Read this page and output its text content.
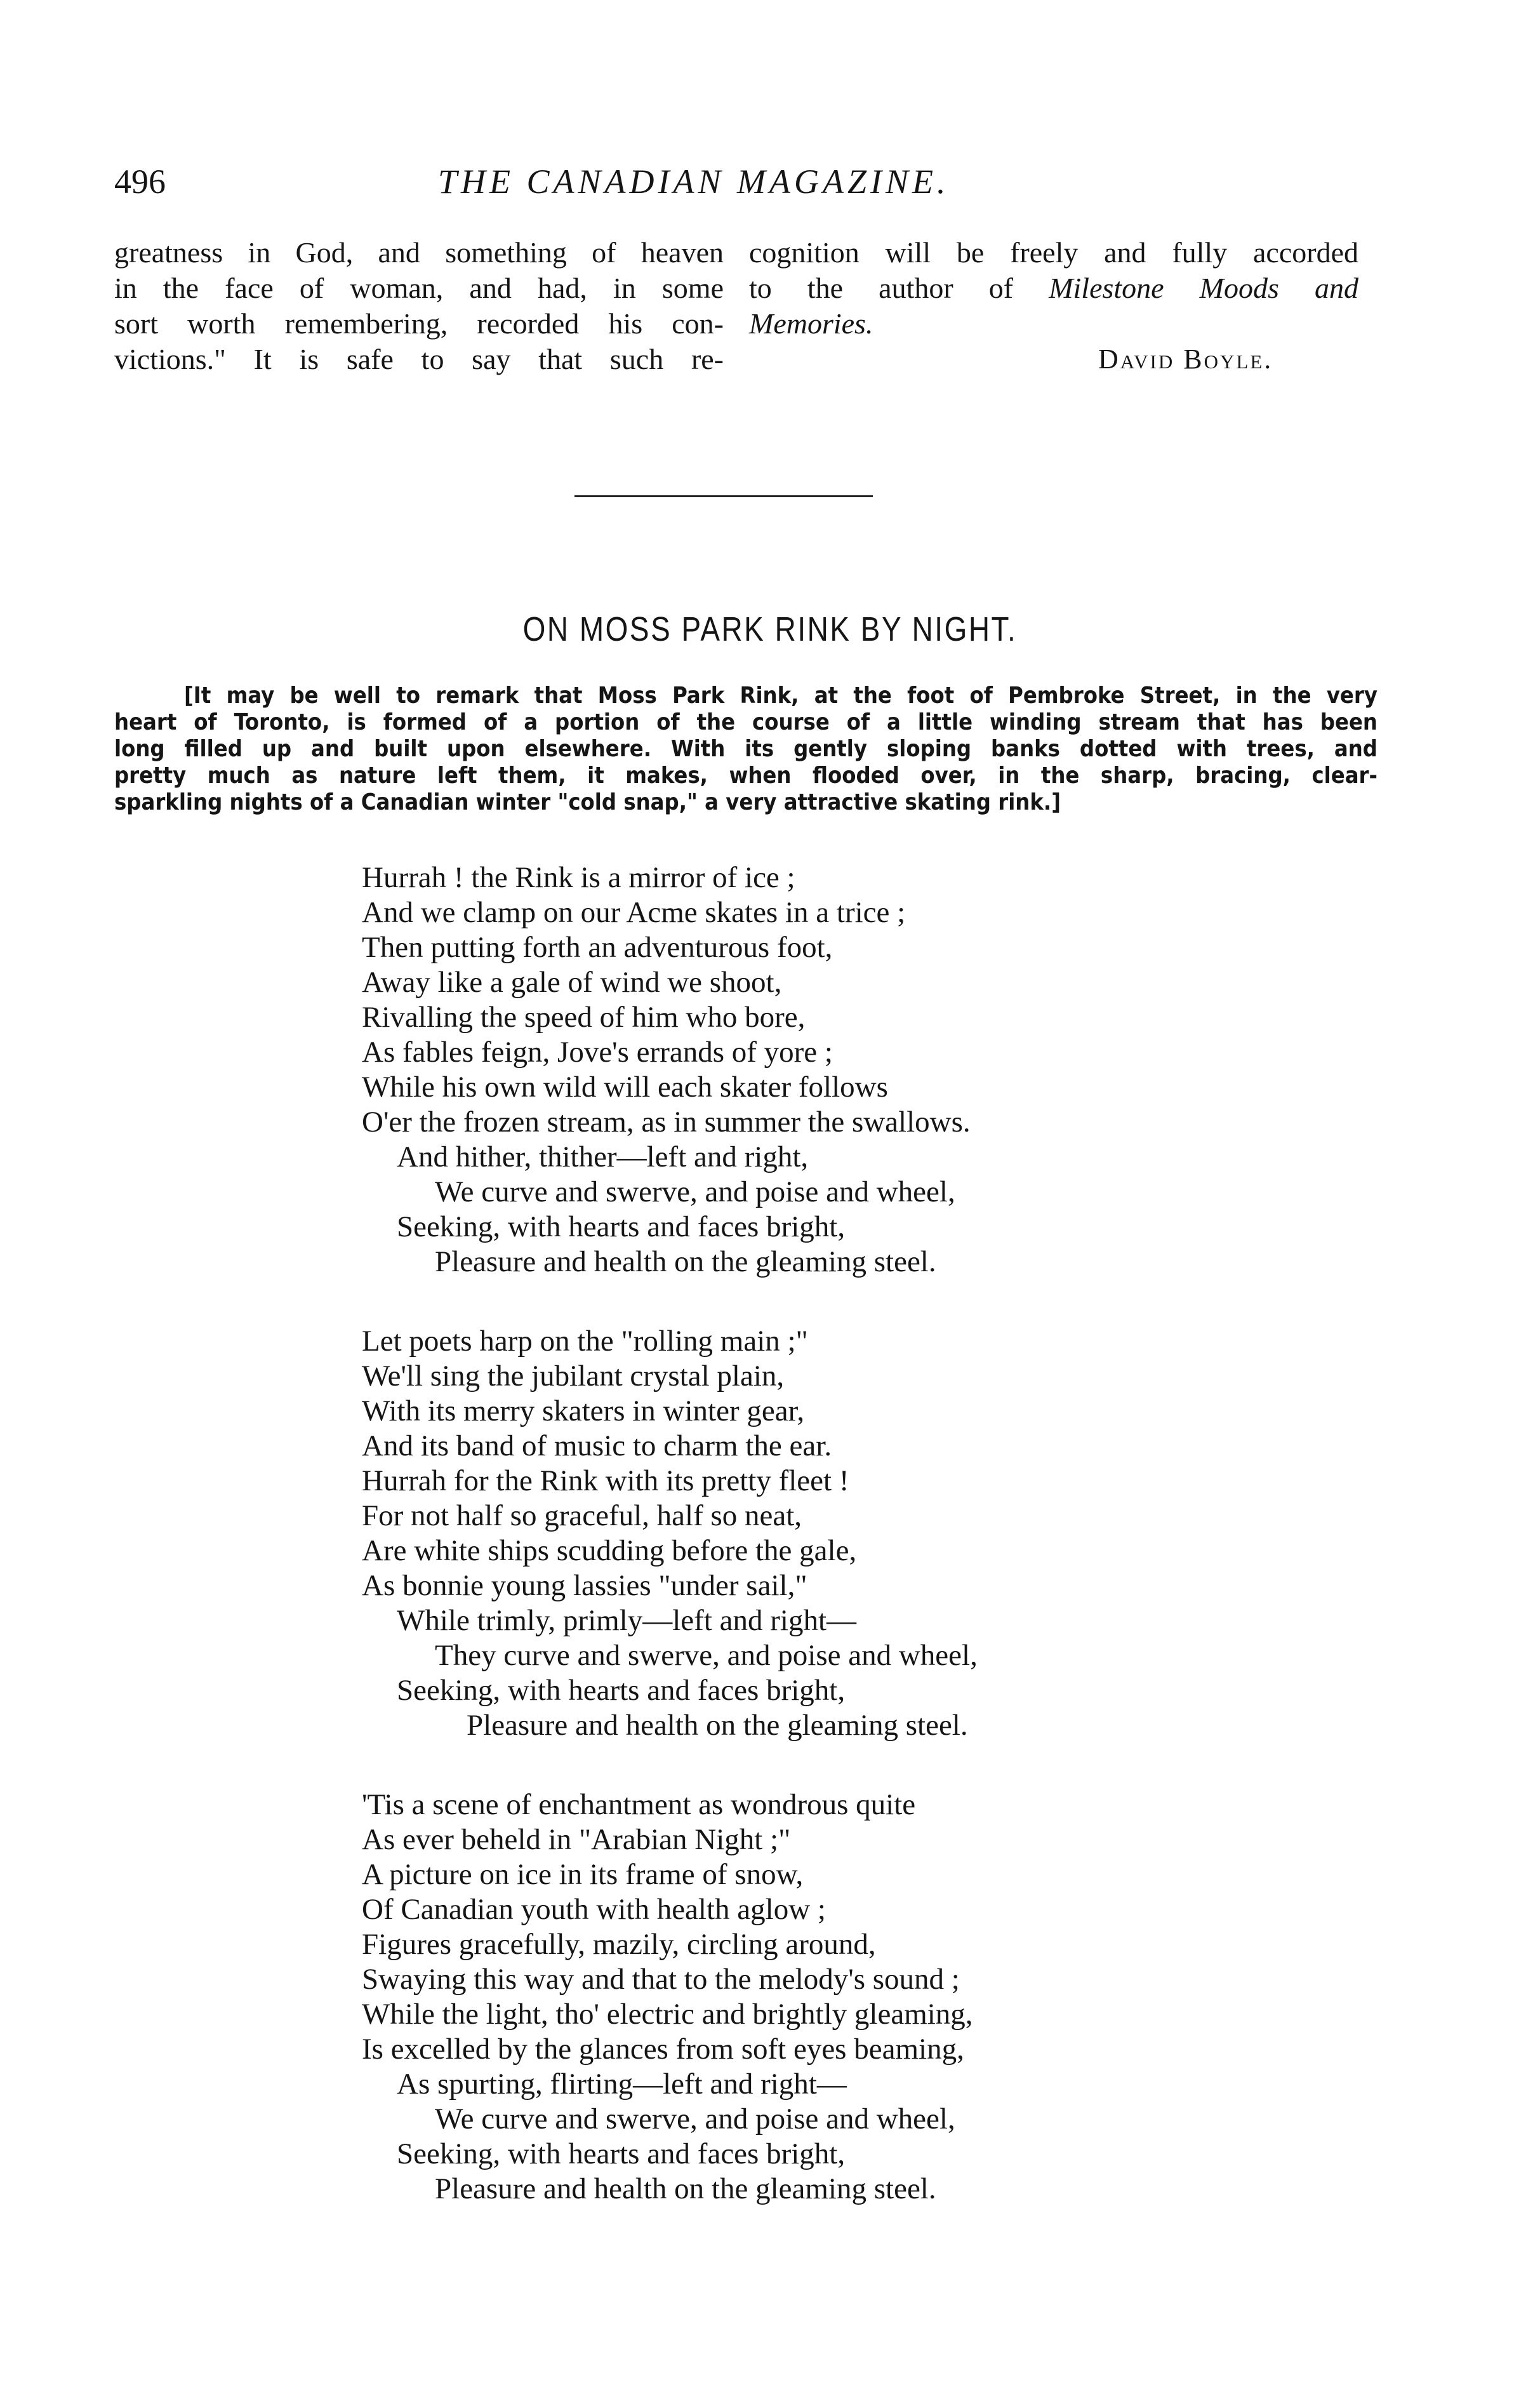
496	THE CANADIAN MAGAZINE.
greatness in God, and something of heaven
in the face of woman, and had, in some
sort worth remembering, recorded his con-
victions." It is safe to say that such re-
cognition will be freely and fully accorded
to the author of Milestone Moods and
Memories.
David Boyle.
ON MOSS PARK RINK BY NIGHT.
[It may be well to remark that Moss Park Rink, at the foot of Pembroke Street, in the very
heart of Toronto, is formed of a portion of the course of a little winding stream that has been
long filled up and built upon elsewhere. With its gently sloping banks dotted with trees, and
pretty much as nature left them, it makes, when flooded over, in the sharp, bracing, clear-
sparkling nights of a Canadian winter "cold snap," a very attractive skating rink.]
Hurrah ! the Rink is a mirror of ice ;
And we clamp on our Acme skates in a trice ;
Then putting forth an adventurous foot,
Away like a gale of wind we shoot,
Rivalling the speed of him who bore,
As fables feign, Jove's errands of yore ;
While his own wild will each skater follows
O'er the frozen stream, as in summer the swallows.
And hither, thither—left and right,
We curve and swerve, and poise and wheel,
Seeking, with hearts and faces bright,
Pleasure and health on the gleaming steel.
Let poets harp on the "rolling main ;"
We'll sing the jubilant crystal plain,
With its merry skaters in winter gear,
And its band of music to charm the ear.
Hurrah for the Rink with its pretty fleet !
For not half so graceful, half so neat,
Are white ships scudding before the gale,
As bonnie young lassies "under sail,"
While trimly, primly—left and right—
They curve and swerve, and poise and wheel,
Seeking, with hearts and faces bright,
Pleasure and health on the gleaming steel.
'Tis a scene of enchantment as wondrous quite
As ever beheld in "Arabian Night ;"
A picture on ice in its frame of snow,
Of Canadian youth with health aglow ;
Figures gracefully, mazily, circling around,
Swaying this way and that to the melody's sound ;
While the light, tho' electric and brightly gleaming,
Is excelled by the glances from soft eyes beaming,
As spurting, flirting—left and right—
We curve and swerve, and poise and wheel,
Seeking, with hearts and faces bright,
Pleasure and health on the gleaming steel.
